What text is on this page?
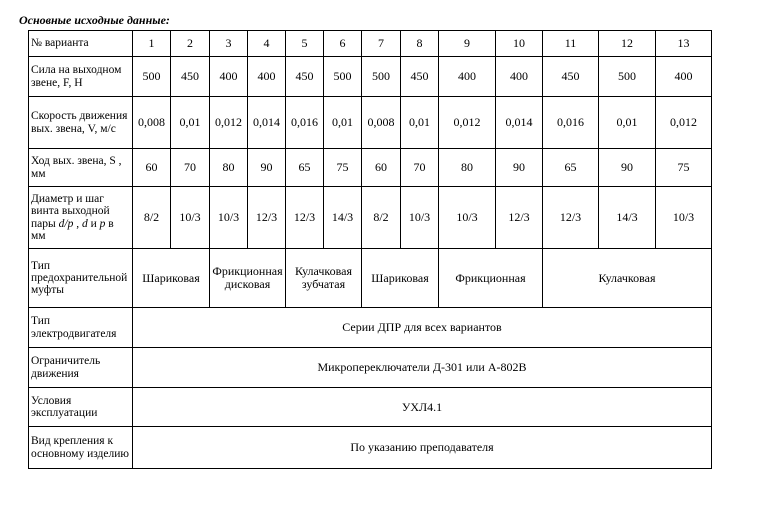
Основные исходные данные:
№ варианта	1	2	3	4	5	6	7	8	9	10	11	12	13
Сила на выходном звене, F, Н	500	450	400	400	450	500	500	450	400	400	450	500	400
Скорость движения вых. звена, V, м/с	0,008	0,01	0,012	0,014	0,016	0,01	0,008	0,01	0,012	0,014	0,016	0,01	0,012
Ход вых. звена, S , мм	60	70	80	90	65	75	60	70	80	90	65	90	75
Диаметр и шаг винта выходной пары d/p , d и p в мм	8/2	10/3	10/3	12/3	12/3	14/3	8/2	10/3	10/3	12/3	12/3	14/3	10/3
Тип предохранительной муфты	Шариковая		Фрикционная дисковая		Кулачковая зубчатая		Шариковая		Фрикционная		Кулачковая		
Тип электродвигателя	Серии ДПР для всех вариантов												
Ограничитель движения	Микропереключатели Д-301 или А-802В												
Условия эксплуатации	УХЛ4.1												
Вид крепления к основному изделию	По указанию преподавателя												
